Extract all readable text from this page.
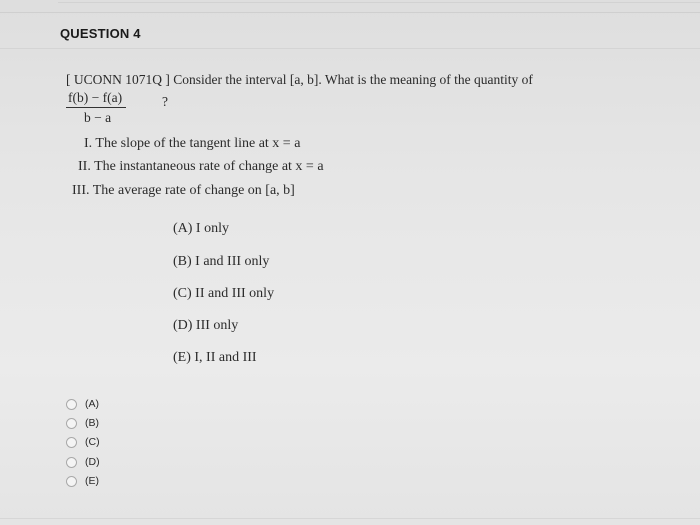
QUESTION 4
[ UCONN 1071Q ] Consider the interval [a, b]. What is the meaning of the quantity of
f(b) − f(a)
b − a
?
I. The slope of the tangent line at x = a
II. The instantaneous rate of change at x = a
III. The average rate of change on [a, b]
(A) I only
(B) I and III only
(C) II and III only
(D) III only
(E) I, II and III
(A)
(B)
(C)
(D)
(E)
